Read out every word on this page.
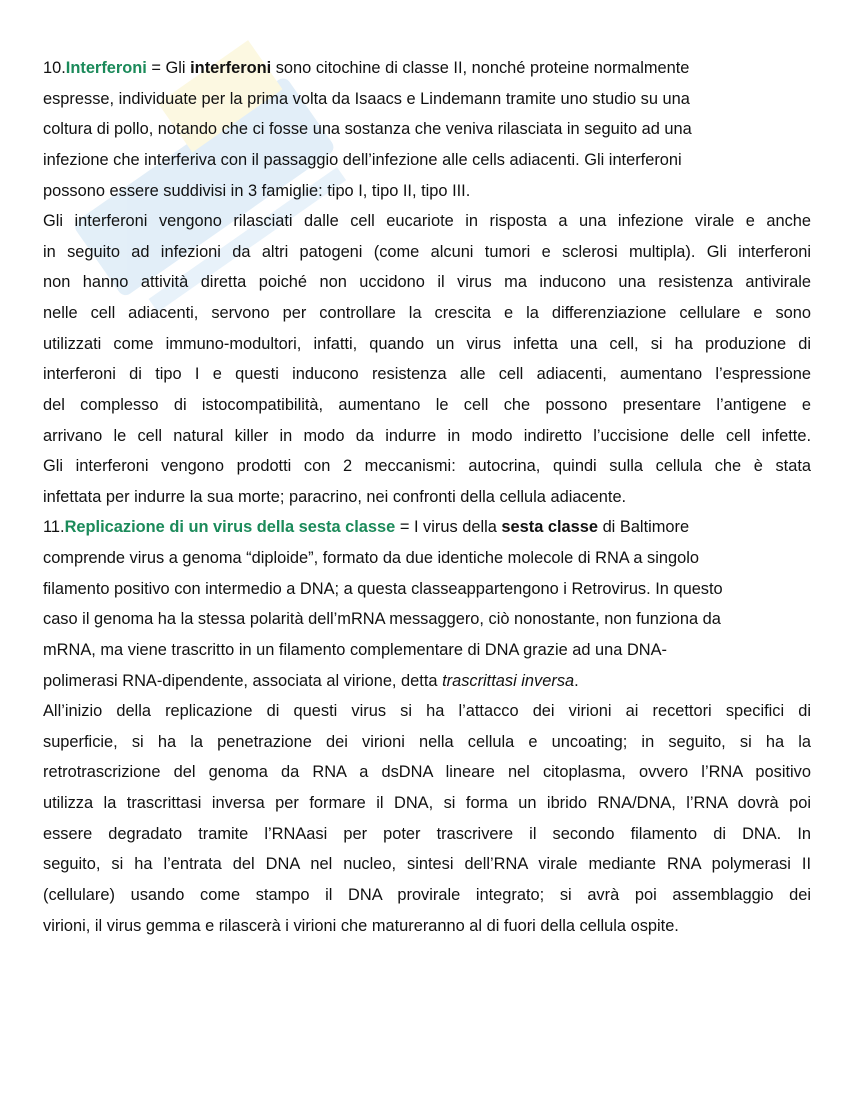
10.Interferoni = Gli interferoni sono citochine di classe II, nonché proteine normalmente
espresse, individuate per la prima volta da Isaacs e Lindemann tramite uno studio su una
coltura di pollo, notando che ci fosse una sostanza che veniva rilasciata in seguito ad una
infezione che interferiva con il passaggio dell’infezione alle cells adiacenti. Gli interferoni
possono essere suddivisi in 3 famiglie: tipo I, tipo II, tipo III.
Gli interferoni vengono rilasciati dalle cell eucariote in risposta a una infezione virale e anche
in seguito ad infezioni da altri patogeni (come alcuni tumori e sclerosi multipla). Gli interferoni
non hanno attività diretta poiché non uccidono il virus ma inducono una resistenza antivirale
nelle cell adiacenti, servono per controllare la crescita e la differenziazione cellulare e sono
utilizzati come immuno-modultori, infatti, quando un virus infetta una cell, si ha produzione di
interferoni di tipo I e questi inducono resistenza alle cell adiacenti, aumentano l’espressione
del complesso di istocompatibilità, aumentano le cell che possono presentare l’antigene e
arrivano le cell natural killer in modo da indurre in modo indiretto l’uccisione delle cell infette.
Gli interferoni vengono prodotti con 2 meccanismi: autocrina, quindi sulla cellula che è stata
infettata per indurre la sua morte; paracrino, nei confronti della cellula adiacente.
11.Replicazione di un virus della sesta classe = I virus della sesta classe di Baltimore
comprende virus a genoma “diploide”, formato da due identiche molecole di RNA a singolo
filamento positivo con intermedio a DNA; a questa classeappartengono i Retrovirus. In questo
caso il genoma ha la stessa polarità dell’mRNA messaggero, ciò nonostante, non funziona da
mRNA, ma viene trascritto in un filamento complementare di DNA grazie ad una DNA-
polimerasi RNA-dipendente, associata al virione, detta trascrittasi inversa.
All’inizio della replicazione di questi virus si ha l’attacco dei virioni ai recettori specifici di
superficie, si ha la penetrazione dei virioni nella cellula e uncoating; in seguito, si ha la
retrotrascrizione del genoma da RNA a dsDNA lineare nel citoplasma, ovvero l’RNA positivo
utilizza la trascrittasi inversa per formare il DNA, si forma un ibrido RNA/DNA, l’RNA dovrà poi
essere degradato tramite l’RNAasi per poter trascrivere il secondo filamento di DNA. In
seguito, si ha l’entrata del DNA nel nucleo, sintesi dell’RNA virale mediante RNA polymerasi II
(cellulare) usando come stampo il DNA provirale integrato; si avrà poi assemblaggio dei
virioni, il virus gemma e rilascerà i virioni che matureranno al di fuori della cellula ospite.
